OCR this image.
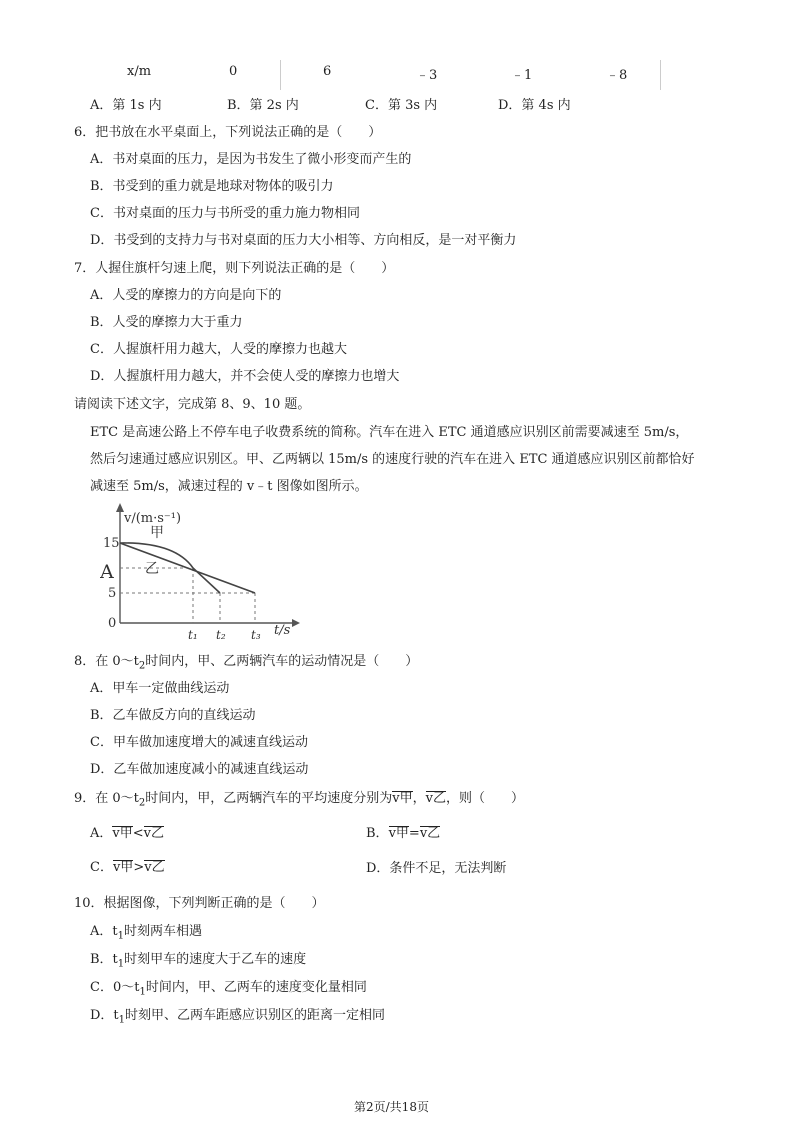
x/m	0	6	﹣3	﹣1	﹣8
A．第 1s 内	B．第 2s 内	C．第 3s 内	D．第 4s 内
6．把书放在水平桌面上，下列说法正确的是（　　）
A．书对桌面的压力，是因为书发生了微小形变而产生的
B．书受到的重力就是地球对物体的吸引力
C．书对桌面的压力与书所受的重力施力物相同
D．书受到的支持力与书对桌面的压力大小相等、方向相反，是一对平衡力
7．人握住旗杆匀速上爬，则下列说法正确的是（　　）
A．人受的摩擦力的方向是向下的
B．人受的摩擦力大于重力
C．人握旗杆用力越大，人受的摩擦力也越大
D．人握旗杆用力越大，并不会使人受的摩擦力也增大
请阅读下述文字，完成第 8、9、10 题。
ETC 是高速公路上不停车电子收费系统的简称。汽车在进入 ETC 通道感应识别区前需要减速至 5m/s，
然后匀速通过感应识别区。甲、乙两辆以 15m/s 的速度行驶的汽车在进入 ETC 通道感应识别区前都恰好
减速至 5m/s，减速过程的 v﹣t 图像如图所示。
v/(m·s⁻¹)
15
5
0
A
甲
乙
t₁ t₂ t₃ t/s
8．在 $0\sim t_2$时间内，甲、乙两辆汽车的运动情况是（　　）
A．甲车一定做曲线运动
B．乙车做反方向的直线运动
C．甲车做加速度增大的减速直线运动
D．乙车做加速度减小的减速直线运动
9．在 $0\sim t_2$时间内，甲，乙两辆汽车的平均速度分别为v甲，v乙，则（　　）
A．v甲<v乙	B．v甲=v乙
C．v甲>v乙	D．条件不足，无法判断
10．根据图像，下列判断正确的是（　　）
A．$t_1$时刻两车相遇
B．$t_1$时刻甲车的速度大于乙车的速度
C．$0\sim t_1$时间内，甲、乙两车的速度变化量相同
D．$t_1$时刻甲、乙两车距感应识别区的距离一定相同
第2页/共18页
